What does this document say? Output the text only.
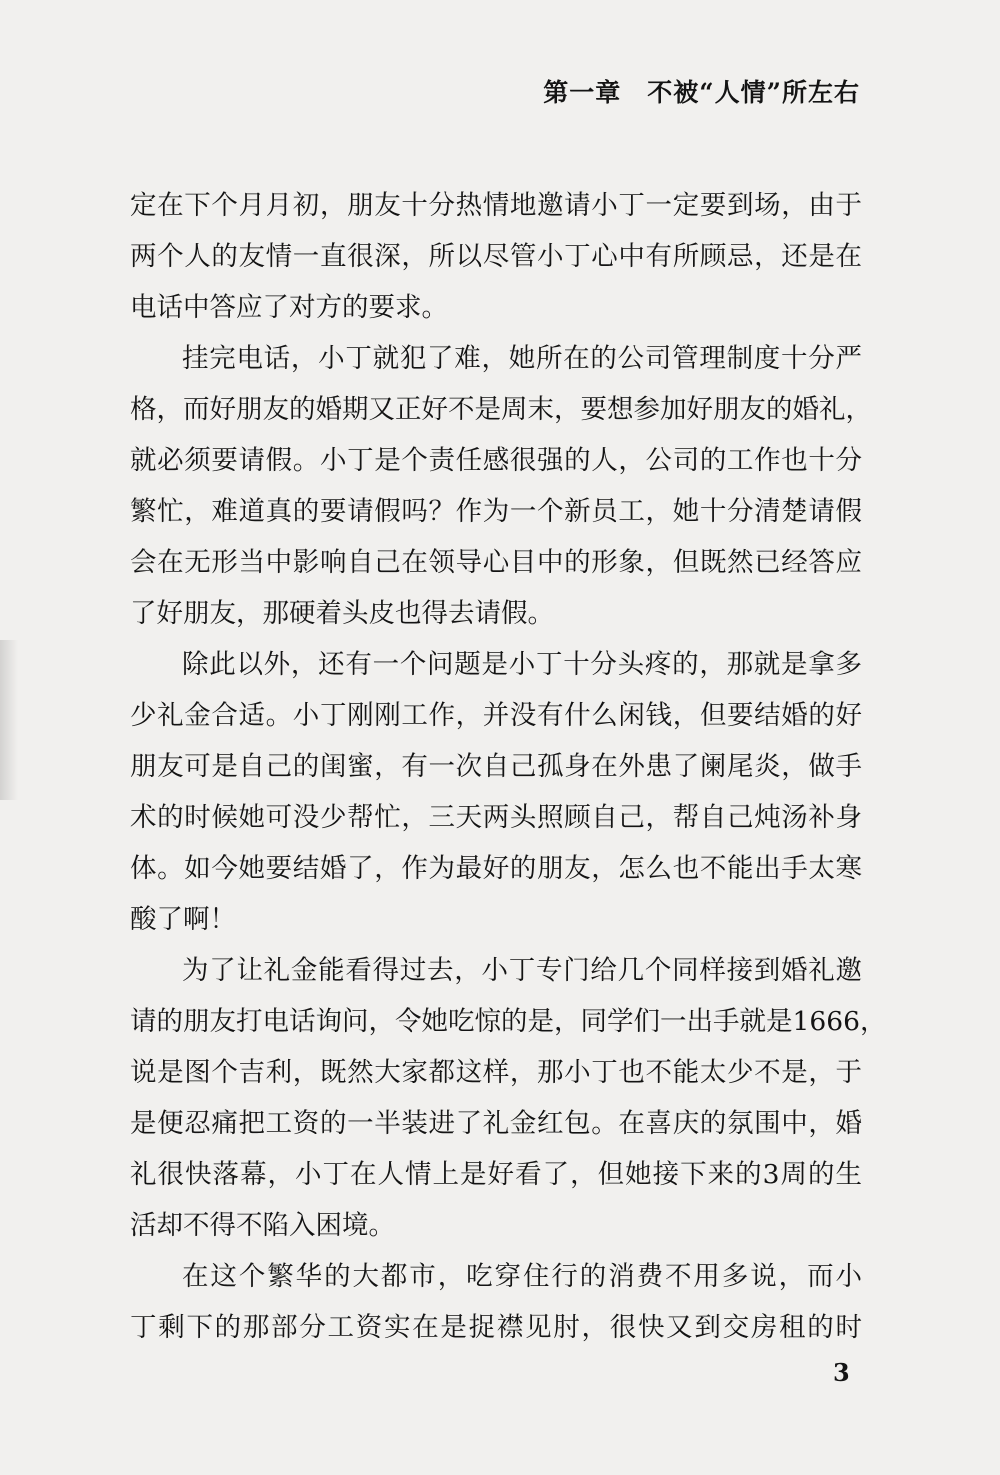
第一章 不被“人情”所左右
定在下个月月初，朋友十分热情地邀请小丁一定要到场，由于
两个人的友情一直很深，所以尽管小丁心中有所顾忌，还是在
电话中答应了对方的要求。
挂完电话，小丁就犯了难，她所在的公司管理制度十分严
格，而好朋友的婚期又正好不是周末，要想参加好朋友的婚礼，
就必须要请假。小丁是个责任感很强的人，公司的工作也十分
繁忙，难道真的要请假吗？作为一个新员工，她十分清楚请假
会在无形当中影响自己在领导心目中的形象，但既然已经答应
了好朋友，那硬着头皮也得去请假。
除此以外，还有一个问题是小丁十分头疼的，那就是拿多
少礼金合适。小丁刚刚工作，并没有什么闲钱，但要结婚的好
朋友可是自己的闺蜜，有一次自己孤身在外患了阑尾炎，做手
术的时候她可没少帮忙，三天两头照顾自己，帮自己炖汤补身
体。如今她要结婚了，作为最好的朋友，怎么也不能出手太寒
酸了啊！
为了让礼金能看得过去，小丁专门给几个同样接到婚礼邀
请的朋友打电话询问，令她吃惊的是，同学们一出手就是1666，
说是图个吉利，既然大家都这样，那小丁也不能太少不是，于
是便忍痛把工资的一半装进了礼金红包。在喜庆的氛围中，婚
礼很快落幕，小丁在人情上是好看了，但她接下来的3周的生
活却不得不陷入困境。
在这个繁华的大都市，吃穿住行的消费不用多说，而小
丁剩下的那部分工资实在是捉襟见肘，很快又到交房租的时
3
